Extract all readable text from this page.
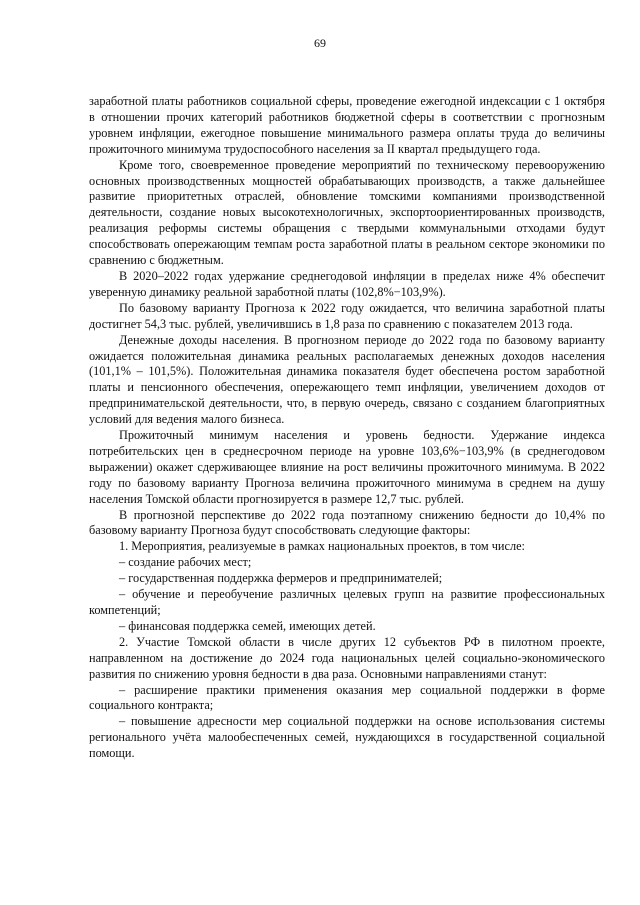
69

заработной платы работников социальной сферы, проведение ежегодной индексации с 1 октября в отношении прочих категорий работников бюджетной сферы в соответствии с прогнозным уровнем инфляции, ежегодное повышение минимального размера оплаты труда до величины прожиточного минимума трудоспособного населения за II квартал предыдущего года.

Кроме того, своевременное проведение мероприятий по техническому перевооружению основных производственных мощностей обрабатывающих производств, а также дальнейшее развитие приоритетных отраслей, обновление томскими компаниями производственной деятельности, создание новых высокотехнологичных, экспортоориентированных производств, реализация реформы системы обращения с твердыми коммунальными отходами будут способствовать опережающим темпам роста заработной платы в реальном секторе экономики по сравнению с бюджетным.

В 2020–2022 годах удержание среднегодовой инфляции в пределах ниже 4% обеспечит уверенную динамику реальной заработной платы (102,8%−103,9%).

По базовому варианту Прогноза к 2022 году ожидается, что величина заработной платы достигнет 54,3 тыс. рублей, увеличившись в 1,8 раза по сравнению с показателем 2013 года.

Денежные доходы населения. В прогнозном периоде до 2022 года по базовому варианту ожидается положительная динамика реальных располагаемых денежных доходов населения (101,1% – 101,5%). Положительная динамика показателя будет обеспечена ростом заработной платы и пенсионного обеспечения, опережающего темп инфляции, увеличением доходов от предпринимательской деятельности, что, в первую очередь, связано с созданием благоприятных условий для ведения малого бизнеса.

Прожиточный минимум населения и уровень бедности. Удержание индекса потребительских цен в среднесрочном периоде на уровне 103,6%−103,9% (в среднегодовом выражении) окажет сдерживающее влияние на рост величины прожиточного минимума. В 2022 году по базовому варианту Прогноза величина прожиточного минимума в среднем на душу населения Томской области прогнозируется в размере 12,7 тыс. рублей.

В прогнозной перспективе до 2022 года поэтапному снижению бедности до 10,4% по базовому варианту Прогноза будут способствовать следующие факторы:

1. Мероприятия, реализуемые в рамках национальных проектов, в том числе:

– создание рабочих мест;

– государственная поддержка фермеров и предпринимателей;

– обучение и переобучение различных целевых групп на развитие профессиональных компетенций;

– финансовая поддержка семей, имеющих детей.

2. Участие Томской области в числе других 12 субъектов РФ в пилотном проекте, направленном на достижение до 2024 года национальных целей социально-экономического развития по снижению уровня бедности в два раза. Основными направлениями станут:

– расширение практики применения оказания мер социальной поддержки в форме социального контракта;

– повышение адресности мер социальной поддержки на основе использования системы регионального учёта малообеспеченных семей, нуждающихся в государственной социальной помощи.
